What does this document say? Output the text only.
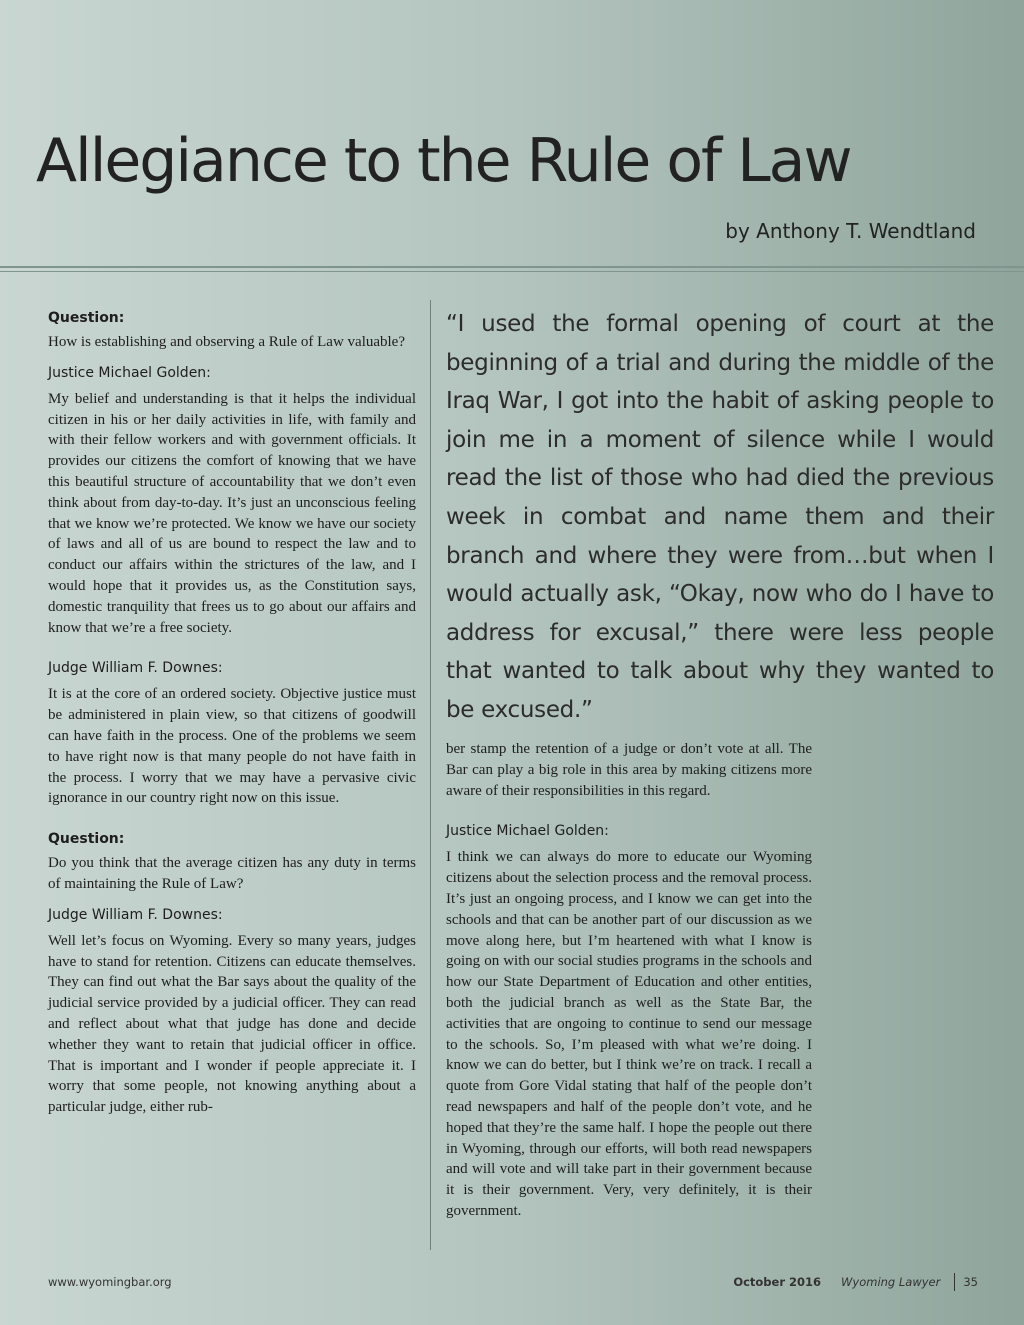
Allegiance to the Rule of Law
by Anthony T. Wendtland
Question:

How is establishing and observing a Rule of Law valuable?

Justice Michael Golden:

My belief and understanding is that it helps the individual citizen in his or her daily activities in life, with family and with their fellow workers and with government officials. It provides our citizens the comfort of knowing that we have this beautiful structure of accountability that we don’t even think about from day-to-day. It’s just an unconscious feeling that we know we’re protected. We know we have our society of laws and all of us are bound to respect the law and to conduct our affairs within the strictures of the law, and I would hope that it provides us, as the Constitution says, domestic tranquility that frees us to go about our affairs and know that we’re a free society.

Judge William F. Downes:

It is at the core of an ordered society. Objective justice must be administered in plain view, so that citizens of goodwill can have faith in the process. One of the problems we seem to have right now is that many people do not have faith in the process. I worry that we may have a pervasive civic ignorance in our country right now on this issue.

Question:

Do you think that the average citizen has any duty in terms of maintaining the Rule of Law?

Judge William F. Downes:

Well let’s focus on Wyoming. Every so many years, judges have to stand for retention. Citizens can educate themselves. They can find out what the Bar says about the quality of the judicial service provided by a judicial officer. They can read and reflect about what that judge has done and decide whether they want to retain that judicial officer in office. That is important and I wonder if people appreciate it. I worry that some people, not knowing anything about a particular judge, either rub-

“I used the formal opening of court at the beginning of a trial and during the middle of the Iraq War, I got into the habit of asking people to join me in a moment of silence while I would read the list of those who had died the previous week in combat and name them and their branch and where they were from…but when I would actually ask, “Okay, now who do I have to address for excusal,” there were less people that wanted to talk about why they wanted to be excused.”

ber stamp the retention of a judge or don’t vote at all. The Bar can play a big role in this area by making citizens more aware of their responsibilities in this regard.

Justice Michael Golden:

I think we can always do more to educate our Wyoming citizens about the selection process and the removal process. It’s just an ongoing process, and I know we can get into the schools and that can be another part of our discussion as we move along here, but I’m heartened with what I know is going on with our social studies programs in the schools and how our State Department of Education and other entities, both the judicial branch as well as the State Bar, the activities that are ongoing to continue to send our message to the schools. So, I’m pleased with what we’re doing. I know we can do better, but I think we’re on track. I recall a quote from Gore Vidal stating that half of the people don’t read newspapers and half of the people don’t vote, and he hoped that they’re the same half. I hope the people out there in Wyoming, through our efforts, will both read newspapers and will vote and will take part in their government because it is their government. Very, very definitely, it is their government.

www.wyomingbar.org	October 2016 Wyoming Lawyer 35
